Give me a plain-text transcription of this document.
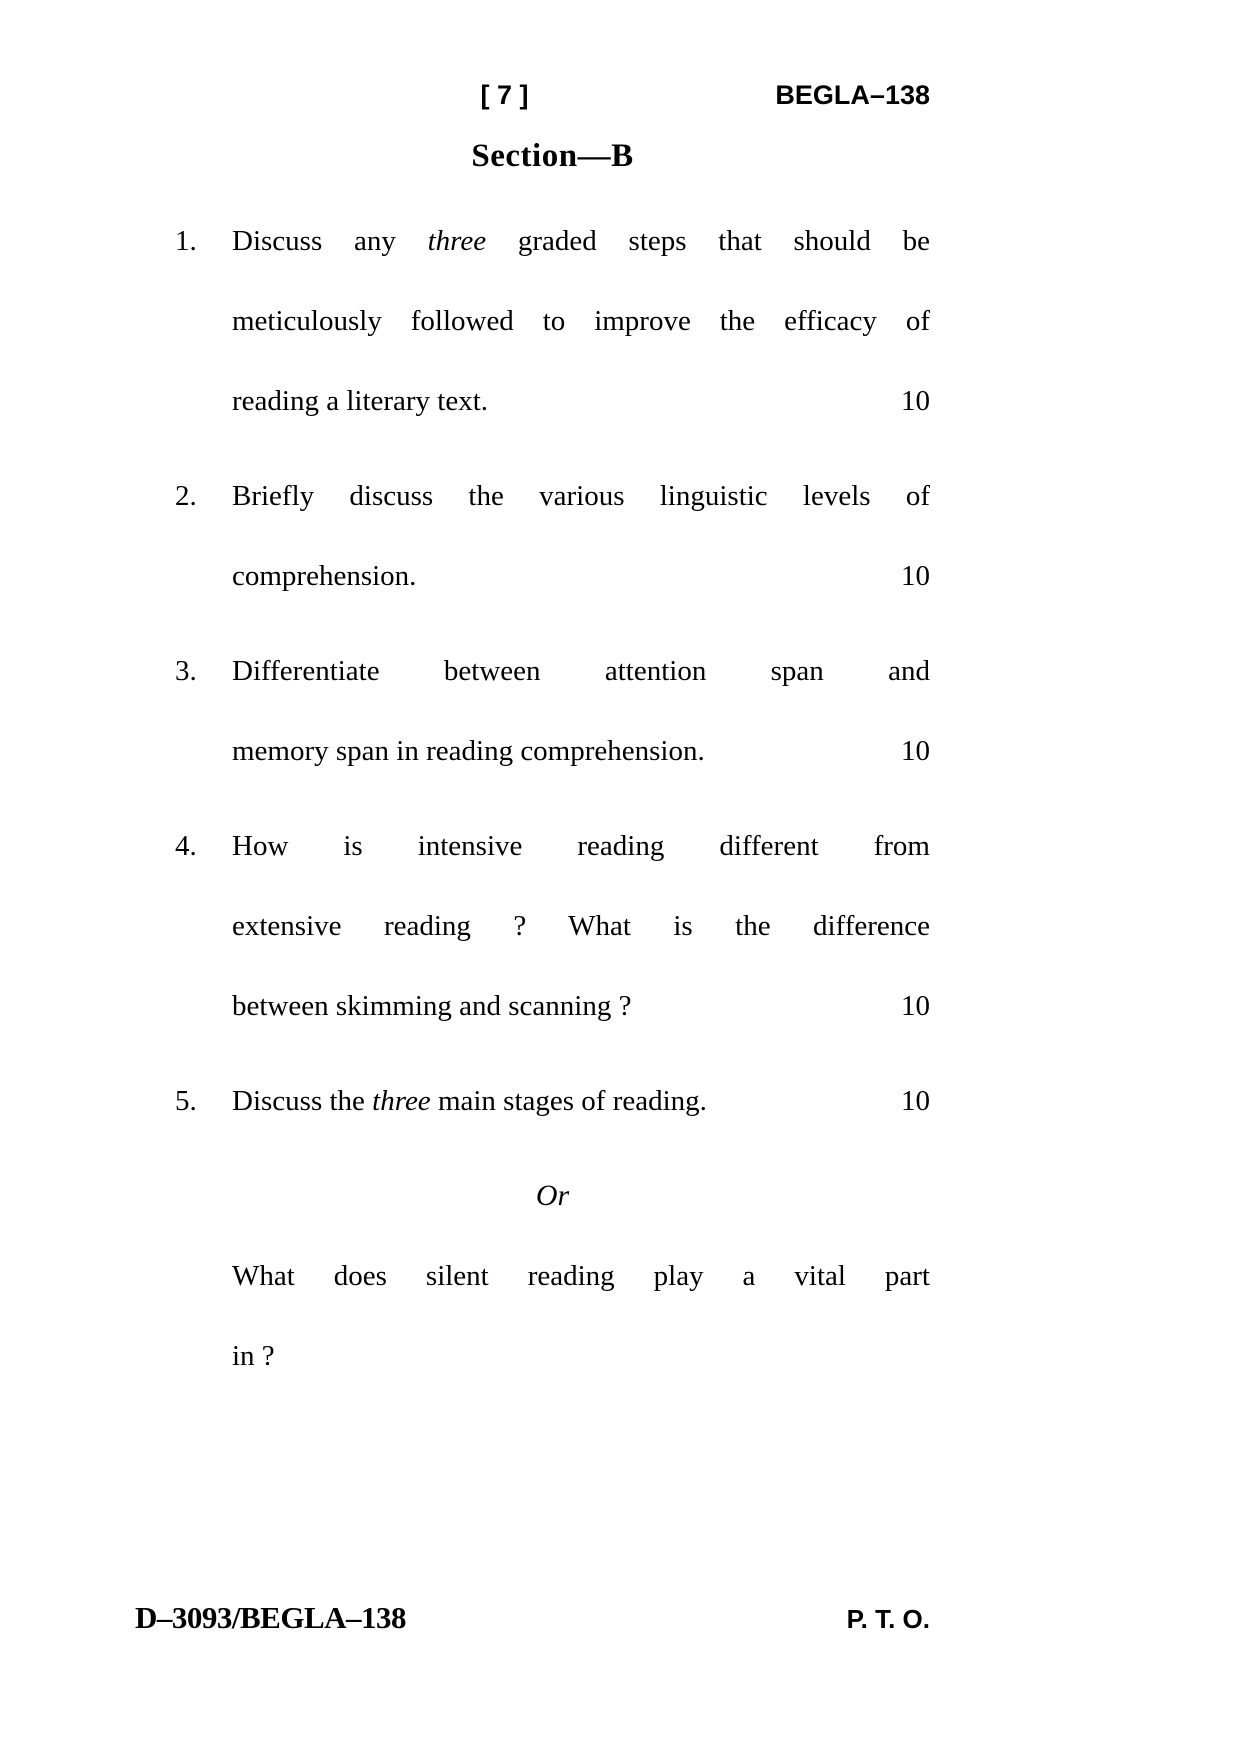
[ 7 ]	BEGLA–138
Section—B
1.	Discuss any three graded steps that should be
meticulously followed to improve the efficacy of
reading a literary text.	10
2.	Briefly discuss the various linguistic levels of
comprehension.	10
3.	Differentiate between attention span and
memory span in reading comprehension.	10
4.	How is intensive reading different from
extensive reading ? What is the difference
between skimming and scanning ?	10
5.	Discuss the three main stages of reading.	10
Or
What does silent reading play a vital part
in ?
D–3093/BEGLA–138	P. T. O.
